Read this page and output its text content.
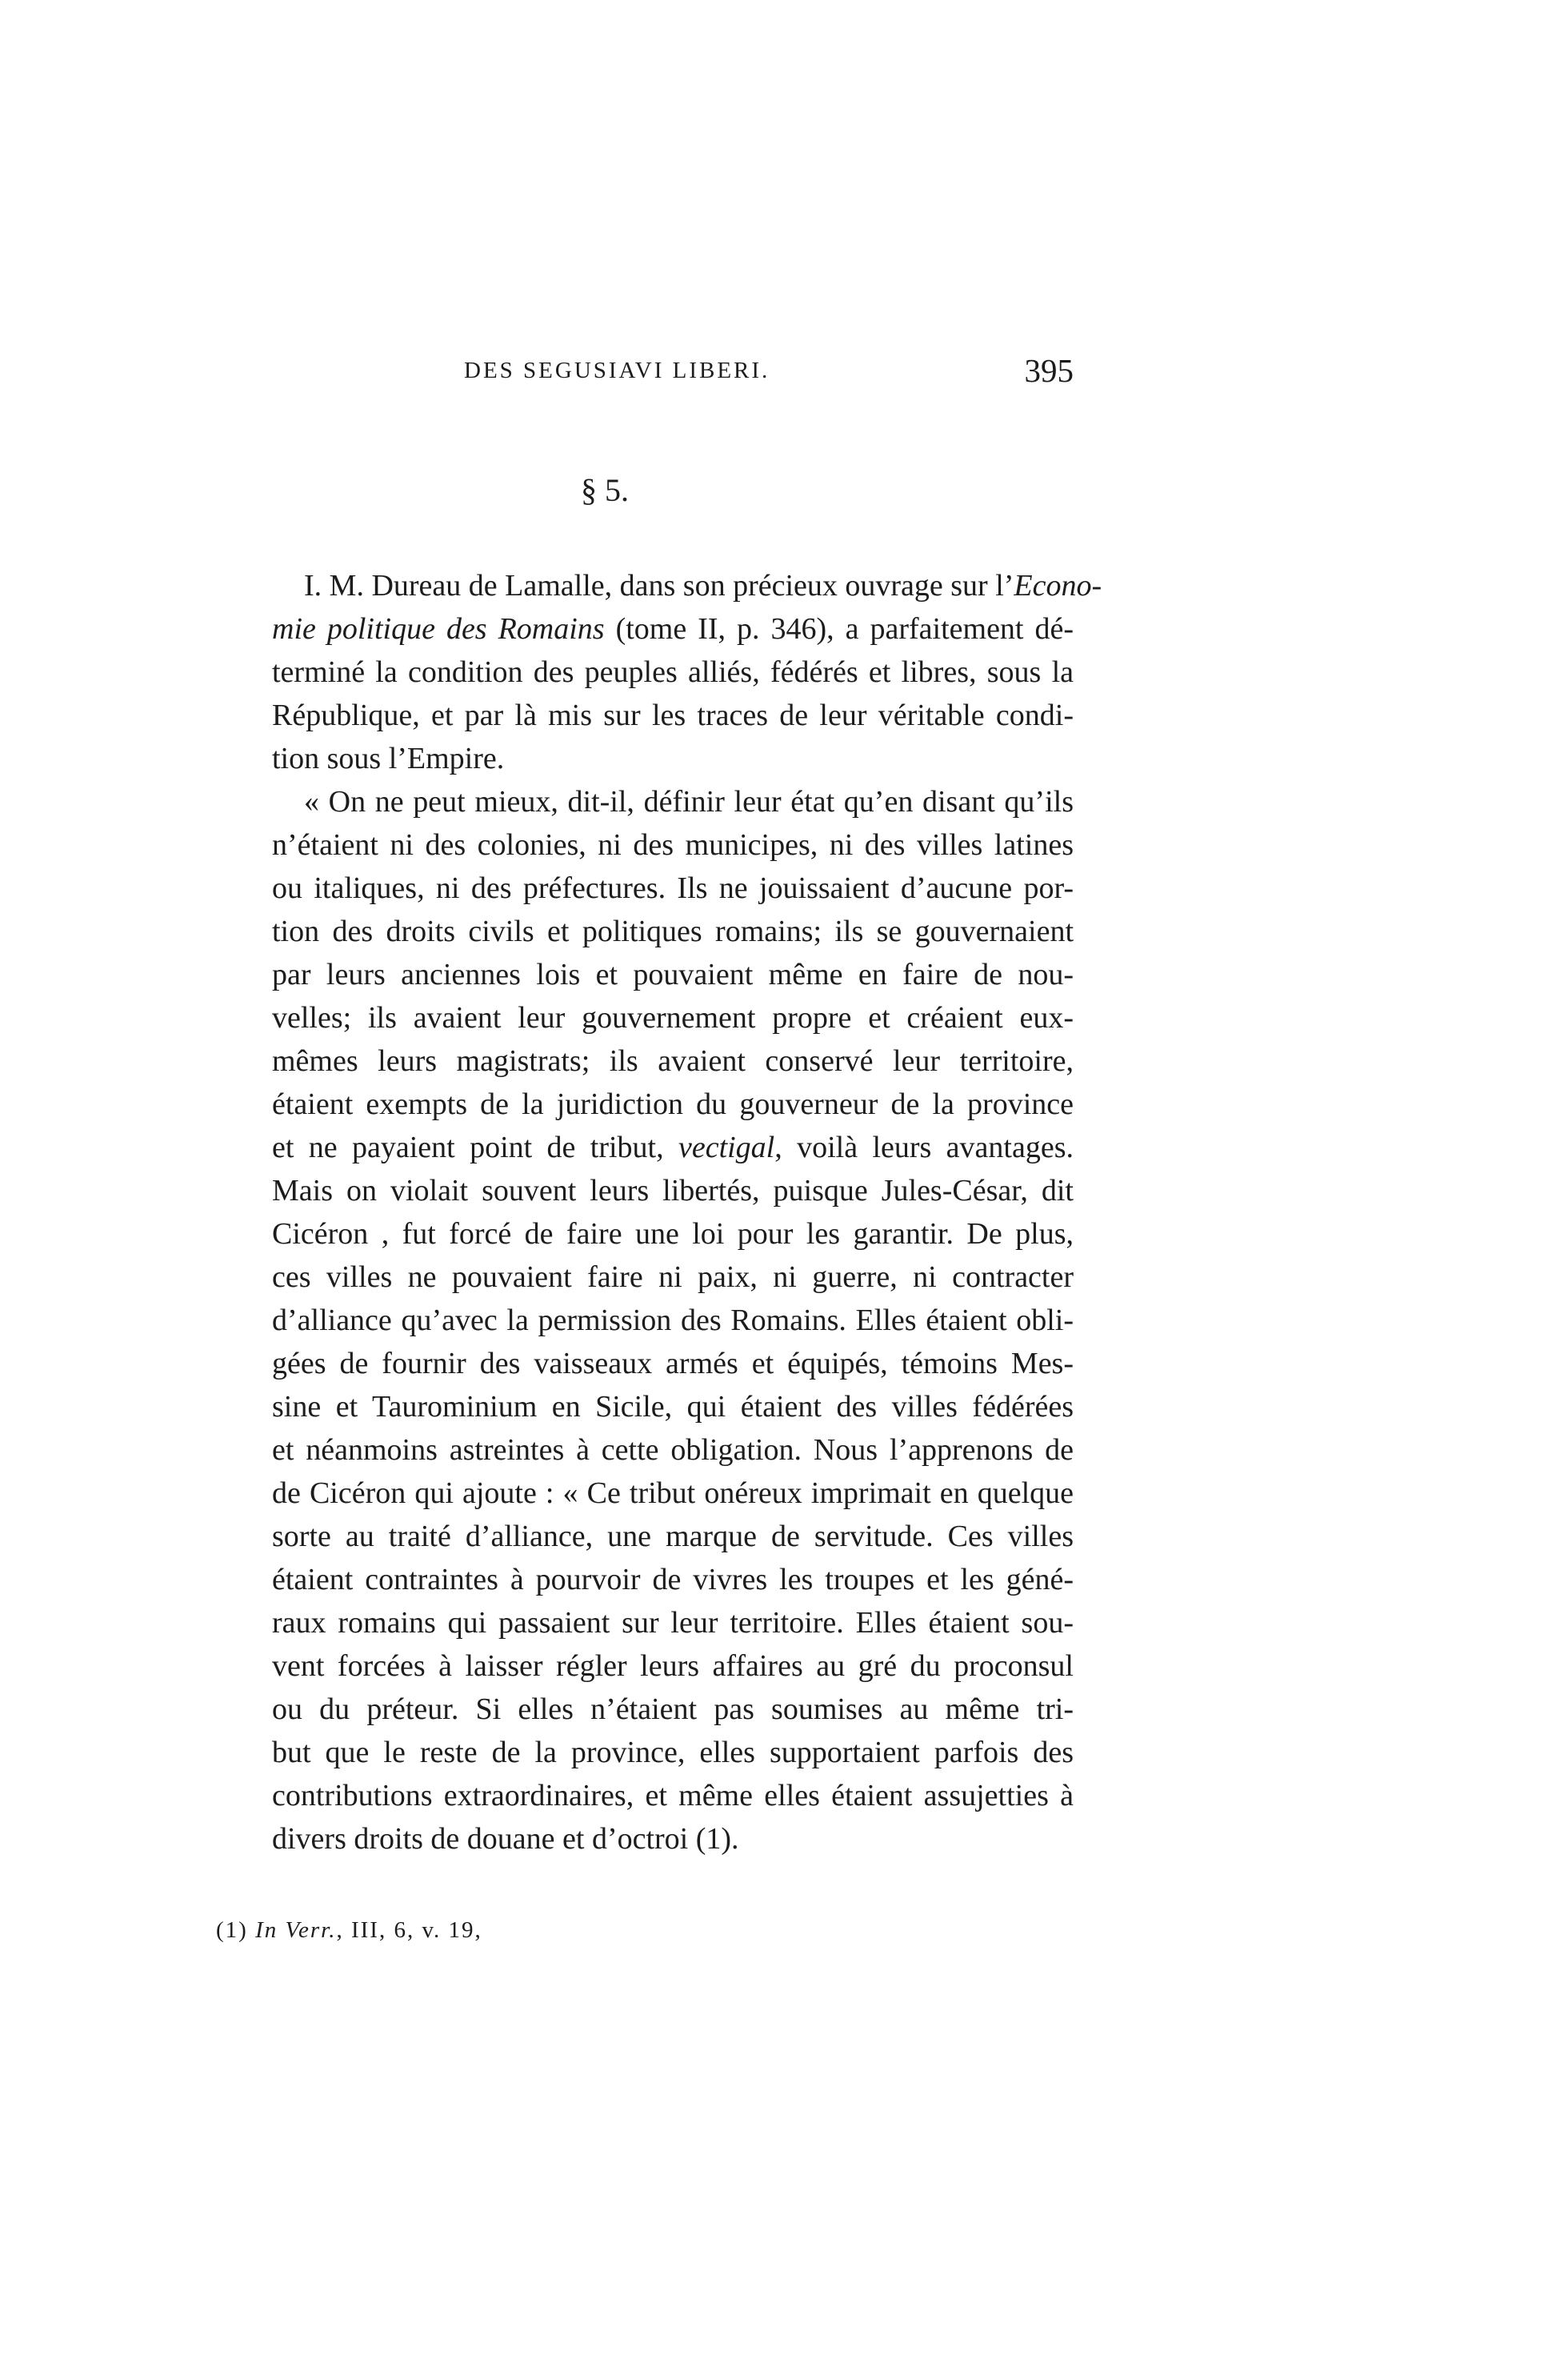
DES SEGUSIAVI LIBERI.	395
§ 5.
I. M. Dureau de Lamalle, dans son précieux ouvrage sur l’Econo-
mie politique des Romains (tome II, p. 346), a parfaitement dé-
terminé la condition des peuples alliés, fédérés et libres, sous la
République, et par là mis sur les traces de leur véritable condi-
tion sous l’Empire.
« On ne peut mieux, dit-il, définir leur état qu’en disant qu’ils
n’étaient ni des colonies, ni des municipes, ni des villes latines
ou italiques, ni des préfectures. Ils ne jouissaient d’aucune por-
tion des droits civils et politiques romains; ils se gouvernaient
par leurs anciennes lois et pouvaient même en faire de nou-
velles; ils avaient leur gouvernement propre et créaient eux-
mêmes leurs magistrats; ils avaient conservé leur territoire,
étaient exempts de la juridiction du gouverneur de la province
et ne payaient point de tribut, vectigal, voilà leurs avantages.
Mais on violait souvent leurs libertés, puisque Jules-César, dit
Cicéron , fut forcé de faire une loi pour les garantir. De plus,
ces villes ne pouvaient faire ni paix, ni guerre, ni contracter
d’alliance qu’avec la permission des Romains. Elles étaient obli-
gées de fournir des vaisseaux armés et équipés, témoins Mes-
sine et Taurominium en Sicile, qui étaient des villes fédérées
et néanmoins astreintes à cette obligation. Nous l’apprenons de
de Cicéron qui ajoute : « Ce tribut onéreux imprimait en quelque
sorte au traité d’alliance, une marque de servitude. Ces villes
étaient contraintes à pourvoir de vivres les troupes et les géné-
raux romains qui passaient sur leur territoire. Elles étaient sou-
vent forcées à laisser régler leurs affaires au gré du proconsul
ou du préteur. Si elles n’étaient pas soumises au même tri-
but que le reste de la province, elles supportaient parfois des
contributions extraordinaires, et même elles étaient assujetties à
divers droits de douane et d’octroi (1).
(1) In Verr., III, 6, v. 19,
